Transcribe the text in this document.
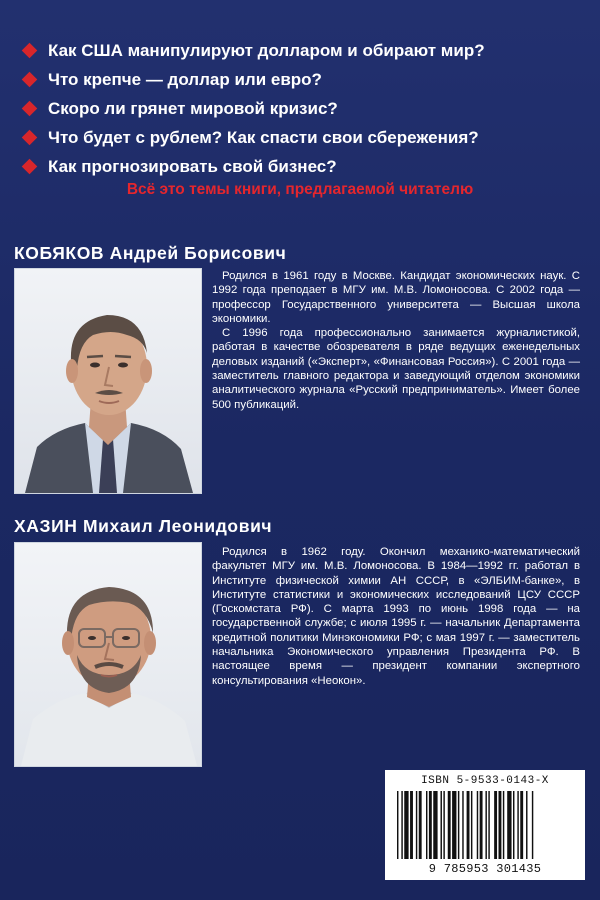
Как США манипулируют долларом и обирают мир?
Что крепче — доллар или евро?
Скоро ли грянет мировой кризис?
Что будет с рублем? Как спасти свои сбережения?
Как прогнозировать свой бизнес?
Всё это темы книги, предлагаемой читателю
КОБЯКОВ Андрей Борисович

Родился в 1961 году в Москве. Кандидат экономических наук. С 1992 года преподает в МГУ им. М.В. Ломоносова. С 2002 года — профессор Государственного университета — Высшая школа экономики.

С 1996 года профессионально занимается журналистикой, работая в качестве обозревателя в ряде ведущих еженедельных деловых изданий («Эксперт», «Финансовая Россия»). С 2001 года — заместитель главного редактора и заведующий отделом экономики аналитического журнала «Русский предприниматель». Имеет более 500 публикаций.

ХАЗИН Михаил Леонидович

Родился в 1962 году. Окончил механико-математический факультет МГУ им. М.В. Ломоносова. В 1984—1992 гг. работал в Институте физической химии АН СССР, в «ЭЛБИМ-банке», в Институте статистики и экономических исследований ЦСУ СССР (Госкомстата РФ). С марта 1993 по июнь 1998 года — на государственной службе; с июля 1995 г. — начальник Департамента кредитной политики Минэкономики РФ; с мая 1997 г. — заместитель начальника Экономического управления Президента РФ. В настоящее время — президент компании экспертного консультирования «Неокон».

ISBN 5-9533-0143-X
9 785953 301435
